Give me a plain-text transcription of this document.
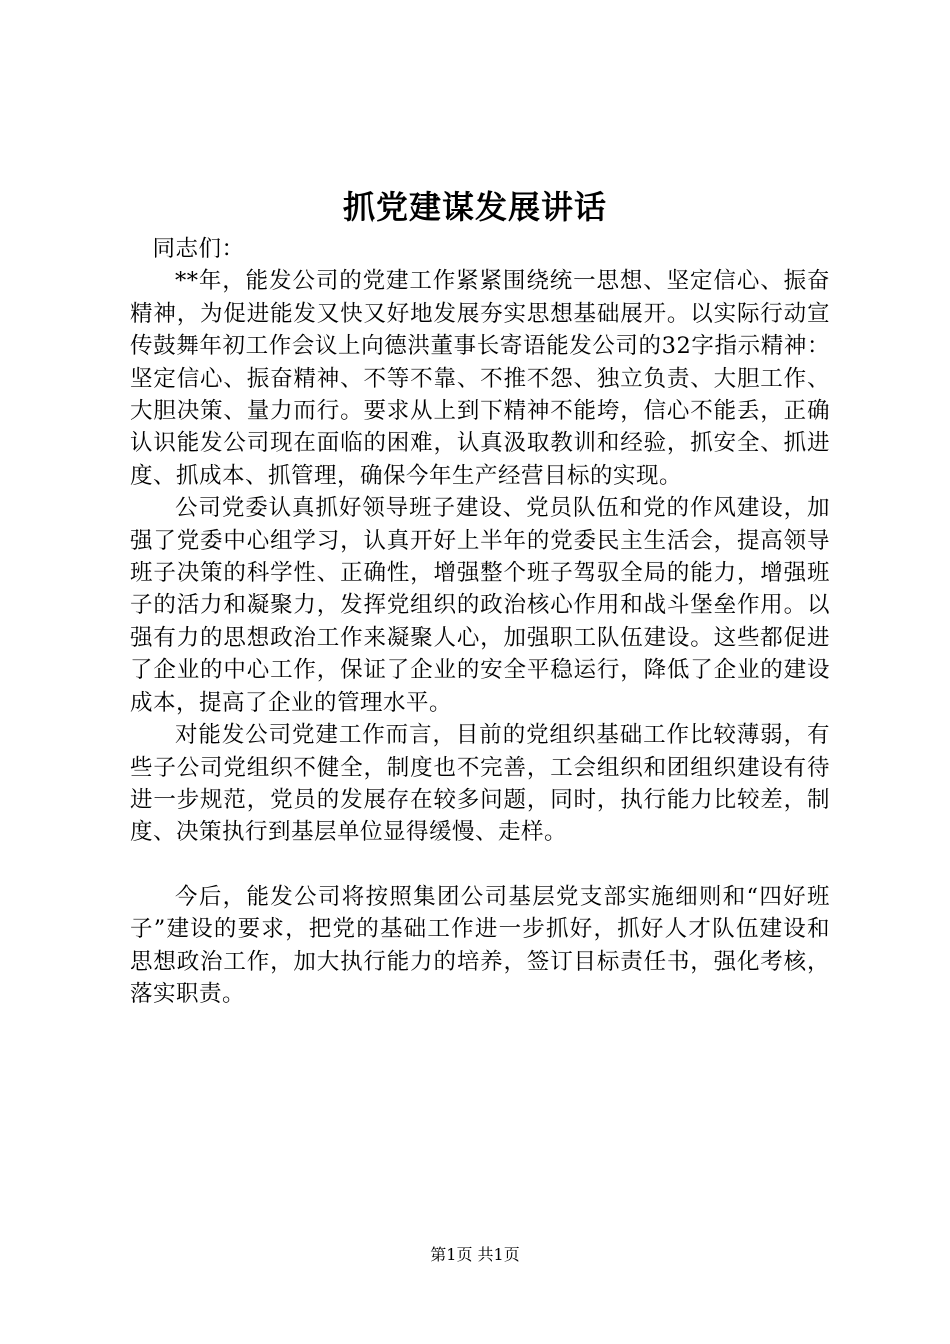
抓党建谋发展讲话

同志们：

**年，能发公司的党建工作紧紧围绕统一思想、坚定信心、振奋精神，为促进能发又快又好地发展夯实思想基础展开。以实际行动宣传鼓舞年初工作会议上向德洪董事长寄语能发公司的32字指示精神：坚定信心、振奋精神、不等不靠、不推不怨、独立负责、大胆工作、大胆决策、量力而行。要求从上到下精神不能垮，信心不能丢，正确认识能发公司现在面临的困难，认真汲取教训和经验，抓安全、抓进度、抓成本、抓管理，确保今年生产经营目标的实现。

公司党委认真抓好领导班子建设、党员队伍和党的作风建设，加强了党委中心组学习，认真开好上半年的党委民主生活会，提高领导班子决策的科学性、正确性，增强整个班子驾驭全局的能力，增强班子的活力和凝聚力，发挥党组织的政治核心作用和战斗堡垒作用。以强有力的思想政治工作来凝聚人心，加强职工队伍建设。这些都促进了企业的中心工作，保证了企业的安全平稳运行，降低了企业的建设成本，提高了企业的管理水平。

对能发公司党建工作而言，目前的党组织基础工作比较薄弱，有些子公司党组织不健全，制度也不完善，工会组织和团组织建设有待进一步规范，党员的发展存在较多问题，同时，执行能力比较差，制度、决策执行到基层单位显得缓慢、走样。

今后，能发公司将按照集团公司基层党支部实施细则和“四好班子”建设的要求，把党的基础工作进一步抓好，抓好人才队伍建设和思想政治工作，加大执行能力的培养，签订目标责任书，强化考核，落实职责。

第1页 共1页
